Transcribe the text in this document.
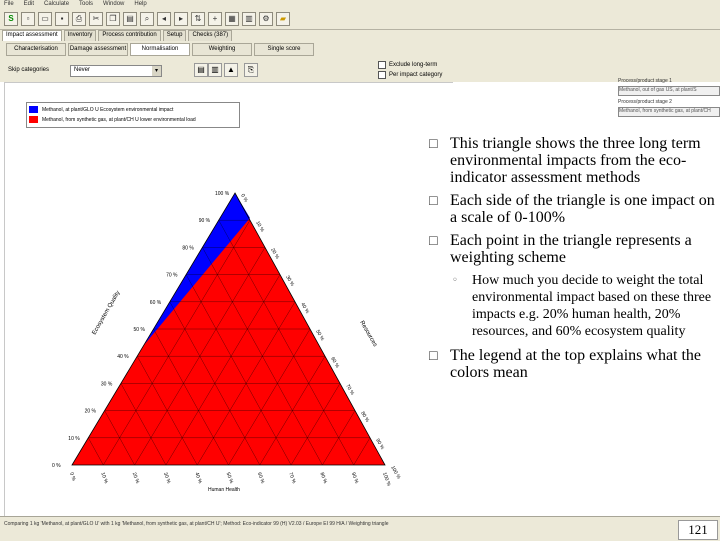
File Edit Calculate Tools Window Help
S	▫	▭	▪	⎙	✂	❐	▤	⌕	◂	▸	⇅	+	▦	▥	⚙	▰
Impact assessment	Inventory	Process contribution	Setup	Checks (387)
Characterisation	Damage assessment	Normalisation	Weighting	Single score
Skip categories	Never	▾	▤ ▥	▲	⎘	Exclude long-term
Per impact category
Process/product stage 1
Methanol, out of gas US, at plant/S
Process/product stage 2
Methanol, from synthetic gas, at plant/CH
Methanol, at plant/GLO U Ecosystem environmental impact
Methanol, from synthetic gas, at plant/CH U lower environmental load
0 %
10 %
20 %
30 %
40 %
50 %
60 %
70 %
80 %
90 %
100 % 0 %
10 %
20 %
30 %
40 %
50 %
60 %
70 %
80 %
90 %
100 %
0 %	10 %	20 %	30 %	40 %	50 %	60 %	70 %	80 %	90 %	100 %
Ecosystem Quality	Resources
Human Health
☐ This triangle shows the three long term environmental impacts from the eco-indicator assessment methods
☐ Each side of the triangle is one impact on a scale of 0-100%
☐ Each point in the triangle represents a weighting scheme
◦ How much you decide to weight the total environmental impact based on these three impacts e.g. 20% human health, 20% resources, and 60% ecosystem quality
☐ The legend at the top explains what the colors mean
Comparing 1 kg 'Methanol, at plant/GLO U' with 1 kg 'Methanol, from synthetic gas, at plant/CH U'; Method: Eco-indicator 99 (H) V2.03 / Europe EI 99 H/A / Weighting triangle	121
